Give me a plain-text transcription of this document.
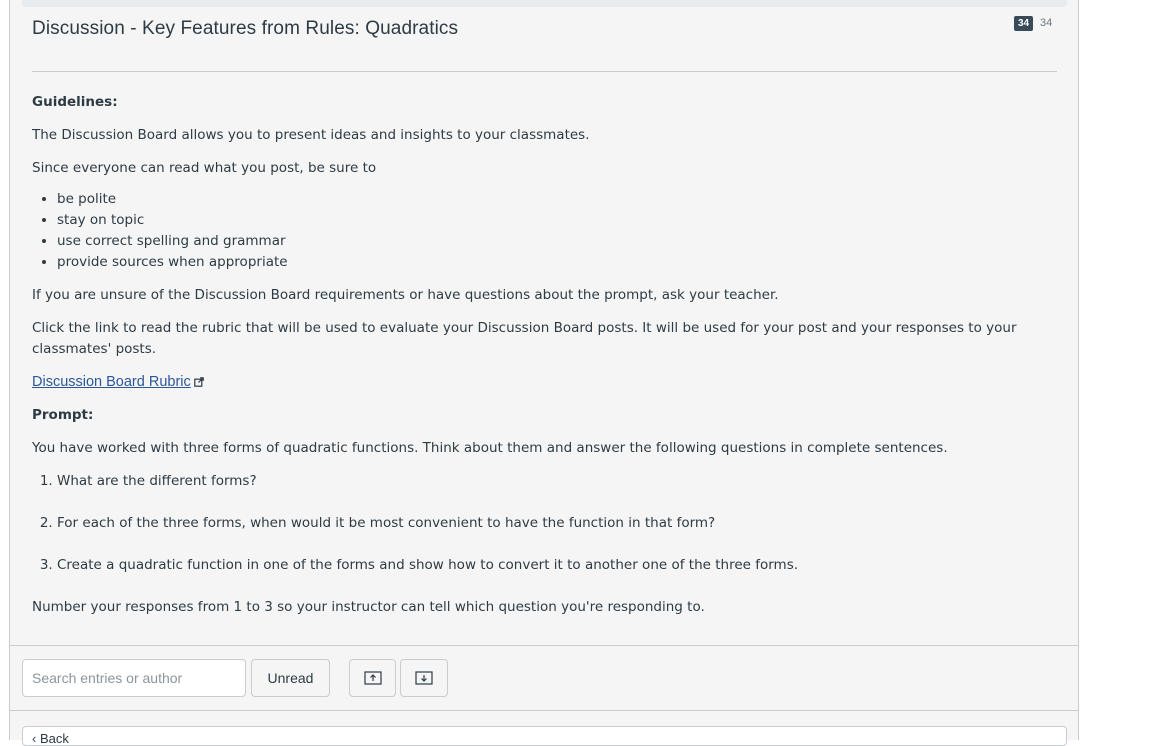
Discussion - Key Features from Rules: Quadratics	34 34

Guidelines:

The Discussion Board allows you to present ideas and insights to your classmates.

Since everyone can read what you post, be sure to

• be polite
• stay on topic
• use correct spelling and grammar
• provide sources when appropriate

If you are unsure of the Discussion Board requirements or have questions about the prompt, ask your teacher.

Click the link to read the rubric that will be used to evaluate your Discussion Board posts. It will be used for your post and your responses to your classmates' posts.

Discussion Board Rubric

Prompt:

You have worked with three forms of quadratic functions. Think about them and answer the following questions in complete sentences.

1. What are the different forms?
2. For each of the three forms, when would it be most convenient to have the function in that form?
3. Create a quadratic function in one of the forms and show how to convert it to another one of the three forms.

Number your responses from 1 to 3 so your instructor can tell which question you're responding to.

Search entries or author
Unread
‹ Back
